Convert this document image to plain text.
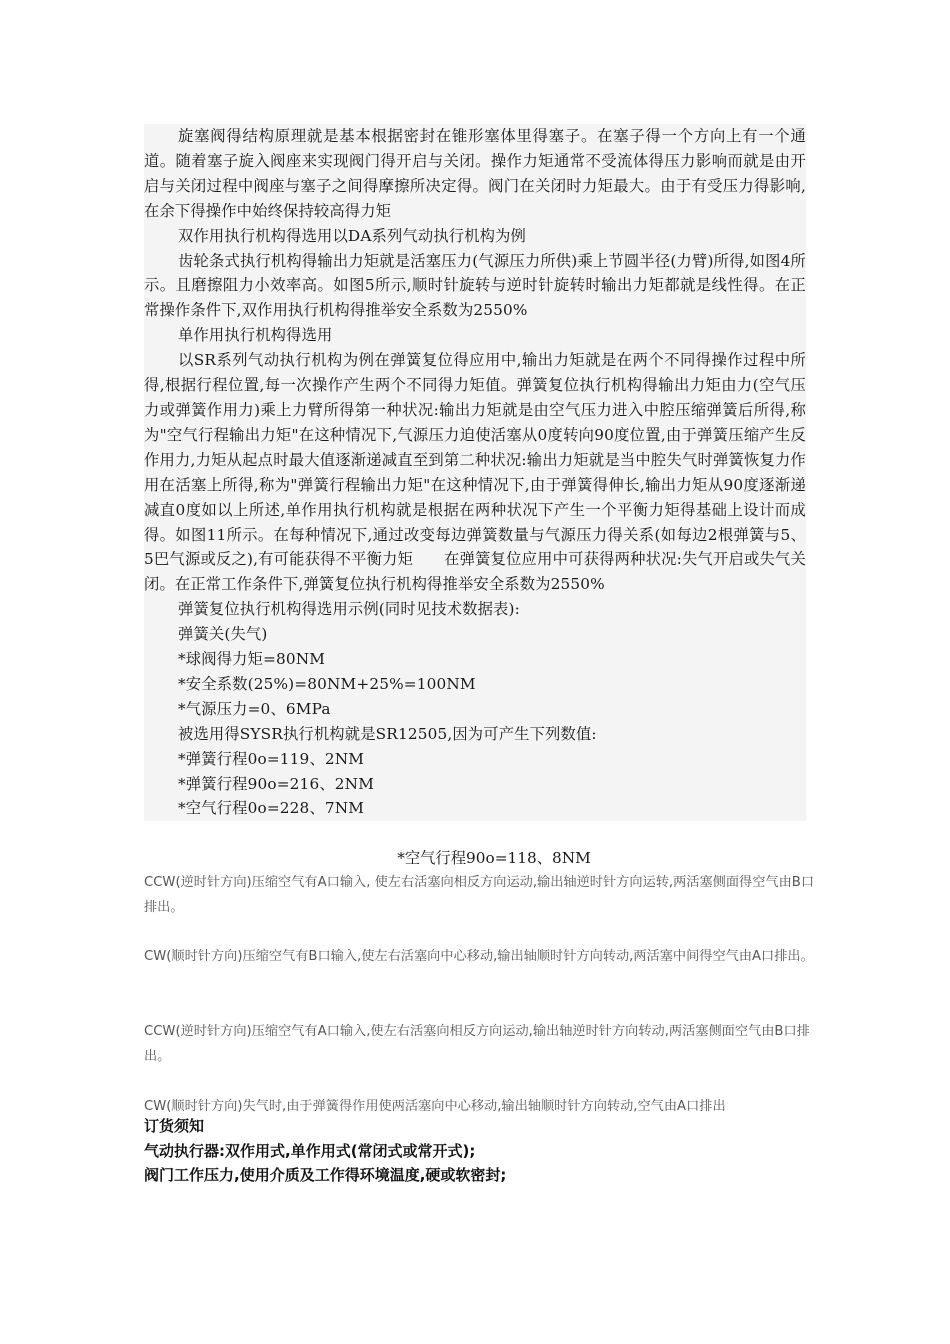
旋塞阀得结构原理就是基本根据密封在锥形塞体里得塞子。在塞子得一个方向上有一个通道。随着塞子旋入阀座来实现阀门得开启与关闭。操作力矩通常不受流体得压力影响而就是由开启与关闭过程中阀座与塞子之间得摩擦所决定得。阀门在关闭时力矩最大。由于有受压力得影响,在余下得操作中始终保持较高得力矩

双作用执行机构得选用以DA系列气动执行机构为例

齿轮条式执行机构得输出力矩就是活塞压力(气源压力所供)乘上节圆半径(力臂)所得,如图4所示。且磨擦阻力小效率高。如图5所示,顺时针旋转与逆时针旋转时输出力矩都就是线性得。在正常操作条件下,双作用执行机构得推举安全系数为2550%

单作用执行机构得选用

以SR系列气动执行机构为例在弹簧复位得应用中,输出力矩就是在两个不同得操作过程中所得,根据行程位置,每一次操作产生两个不同得力矩值。弹簧复位执行机构得输出力矩由力(空气压力或弹簧作用力)乘上力臂所得第一种状况:输出力矩就是由空气压力进入中腔压缩弹簧后所得,称为"空气行程输出力矩"在这种情况下,气源压力迫使活塞从0度转向90度位置,由于弹簧压缩产生反作用力,力矩从起点时最大值逐渐递减直至到第二种状况:输出力矩就是当中腔失气时弹簧恢复力作用在活塞上所得,称为"弹簧行程输出力矩"在这种情况下,由于弹簧得伸长,输出力矩从90度逐渐递减直0度如以上所述,单作用执行机构就是根据在两种状况下产生一个平衡力矩得基础上设计而成得。如图11所示。在每种情况下,通过改变每边弹簧数量与气源压力得关系(如每边2根弹簧与5、5巴气源或反之),有可能获得不平衡力矩　　在弹簧复位应用中可获得两种状况:失气开启或失气关闭。在正常工作条件下,弹簧复位执行机构得推举安全系数为2550%

弹簧复位执行机构得选用示例(同时见技术数据表):

弹簧关(失气)

*球阀得力矩=80NM

*安全系数(25%)=80NM+25%=100NM

*气源压力=0、6MPa

被选用得SYSR执行机构就是SR12505,因为可产生下列数值:

*弹簧行程0o=119、2NM

*弹簧行程90o=216、2NM

*空气行程0o=228、7NM

*空气行程90o=118、8NM

CCW(逆时针方向)压缩空气有A口输入, 使左右活塞向相反方向运动,输出轴逆时针方向运转,两活塞侧面得空气由B口排出。

CW(顺时针方向)压缩空气有B口输入,使左右活塞向中心移动,输出轴顺时针方向转动,两活塞中间得空气由A口排出。

CCW(逆时针方向)压缩空气有A口输入,使左右活塞向相反方向运动,输出轴逆时针方向转动,两活塞侧面空气由B口排出。

CW(顺时针方向)失气时,由于弹簧得作用使两活塞向中心移动,输出轴顺时针方向转动,空气由A口排出

订货须知
气动执行器:双作用式,单作用式(常闭式或常开式);
阀门工作压力,使用介质及工作得环境温度,硬或软密封;
